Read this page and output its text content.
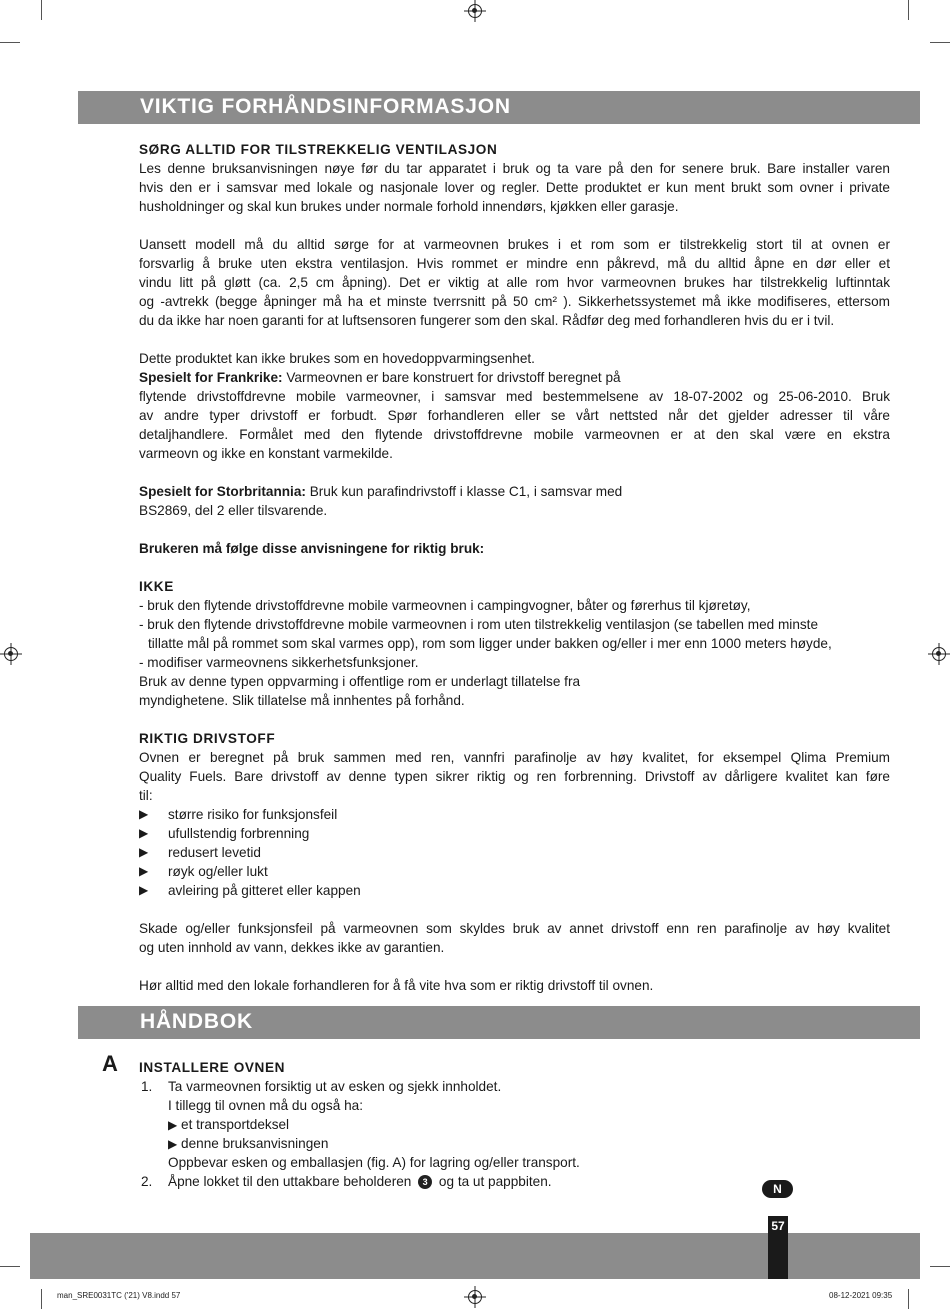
VIKTIG FORHÅNDSINFORMASJON
SØRG ALLTID FOR TILSTREKKELIG VENTILASJON
Les denne bruksanvisningen nøye før du tar apparatet i bruk og ta vare på den for senere bruk. Bare installer varen
hvis den er i samsvar med lokale og nasjonale lover og regler. Dette produktet er kun ment brukt som ovner i private
husholdninger og skal kun brukes under normale forhold innendørs, kjøkken eller garasje.
Uansett modell må du alltid sørge for at varmeovnen brukes i et rom som er tilstrekkelig stort til at ovnen er
forsvarlig å bruke uten ekstra ventilasjon. Hvis rommet er mindre enn påkrevd, må du alltid åpne en dør eller et
vindu litt på gløtt (ca. 2,5 cm åpning). Det er viktig at alle rom hvor varmeovnen brukes har tilstrekkelig luftinntak
og -avtrekk (begge åpninger må ha et minste tverrsnitt på 50 cm² ). Sikkerhetssystemet må ikke modifiseres, ettersom
du da ikke har noen garanti for at luftsensoren fungerer som den skal. Rådfør deg med forhandleren hvis du er i tvil.
Dette produktet kan ikke brukes som en hovedoppvarmingsenhet.
Spesielt for Frankrike: Varmeovnen er bare konstruert for drivstoff beregnet på
flytende drivstoffdrevne mobile varmeovner, i samsvar med bestemmelsene av 18-07-2002 og 25-06-2010. Bruk
av andre typer drivstoff er forbudt. Spør forhandleren eller se vårt nettsted når det gjelder adresser til våre
detaljhandlere. Formålet med den flytende drivstoffdrevne mobile varmeovnen er at den skal være en ekstra
varmeovn og ikke en konstant varmekilde.
Spesielt for Storbritannia: Bruk kun parafindrivstoff i klasse C1, i samsvar med
BS2869, del 2 eller tilsvarende.
Brukeren må følge disse anvisningene for riktig bruk:
IKKE
- bruk den flytende drivstoffdrevne mobile varmeovnen i campingvogner, båter og førerhus til kjøretøy,
- bruk den flytende drivstoffdrevne mobile varmeovnen i rom uten tilstrekkelig ventilasjon (se tabellen med minste
tillatte mål på rommet som skal varmes opp), rom som ligger under bakken og/eller i mer enn 1000 meters høyde,
- modifiser varmeovnens sikkerhetsfunksjoner.
Bruk av denne typen oppvarming i offentlige rom er underlagt tillatelse fra
myndighetene. Slik tillatelse må innhentes på forhånd.
RIKTIG DRIVSTOFF
Ovnen er beregnet på bruk sammen med ren, vannfri parafinolje av høy kvalitet, for eksempel Qlima Premium
Quality Fuels. Bare drivstoff av denne typen sikrer riktig og ren forbrenning. Drivstoff av dårligere kvalitet kan føre
til:
▶ større risiko for funksjonsfeil
▶ ufullstendig forbrenning
▶ redusert levetid
▶ røyk og/eller lukt
▶ avleiring på gitteret eller kappen
Skade og/eller funksjonsfeil på varmeovnen som skyldes bruk av annet drivstoff enn ren parafinolje av høy kvalitet
og uten innhold av vann, dekkes ikke av garantien.
Hør alltid med den lokale forhandleren for å få vite hva som er riktig drivstoff til ovnen.
HÅNDBOK
A INSTALLERE OVNEN
1. Ta varmeovnen forsiktig ut av esken og sjekk innholdet.
I tillegg til ovnen må du også ha:
▶ et transportdeksel
▶ denne bruksanvisningen
Oppbevar esken og emballasjen (fig. A) for lagring og/eller transport.
2. Åpne lokket til den uttakbare beholderen 3 og ta ut pappbiten.	N
57
man_SRE0031TC ('21) V8.indd 57	08-12-2021 09:35
